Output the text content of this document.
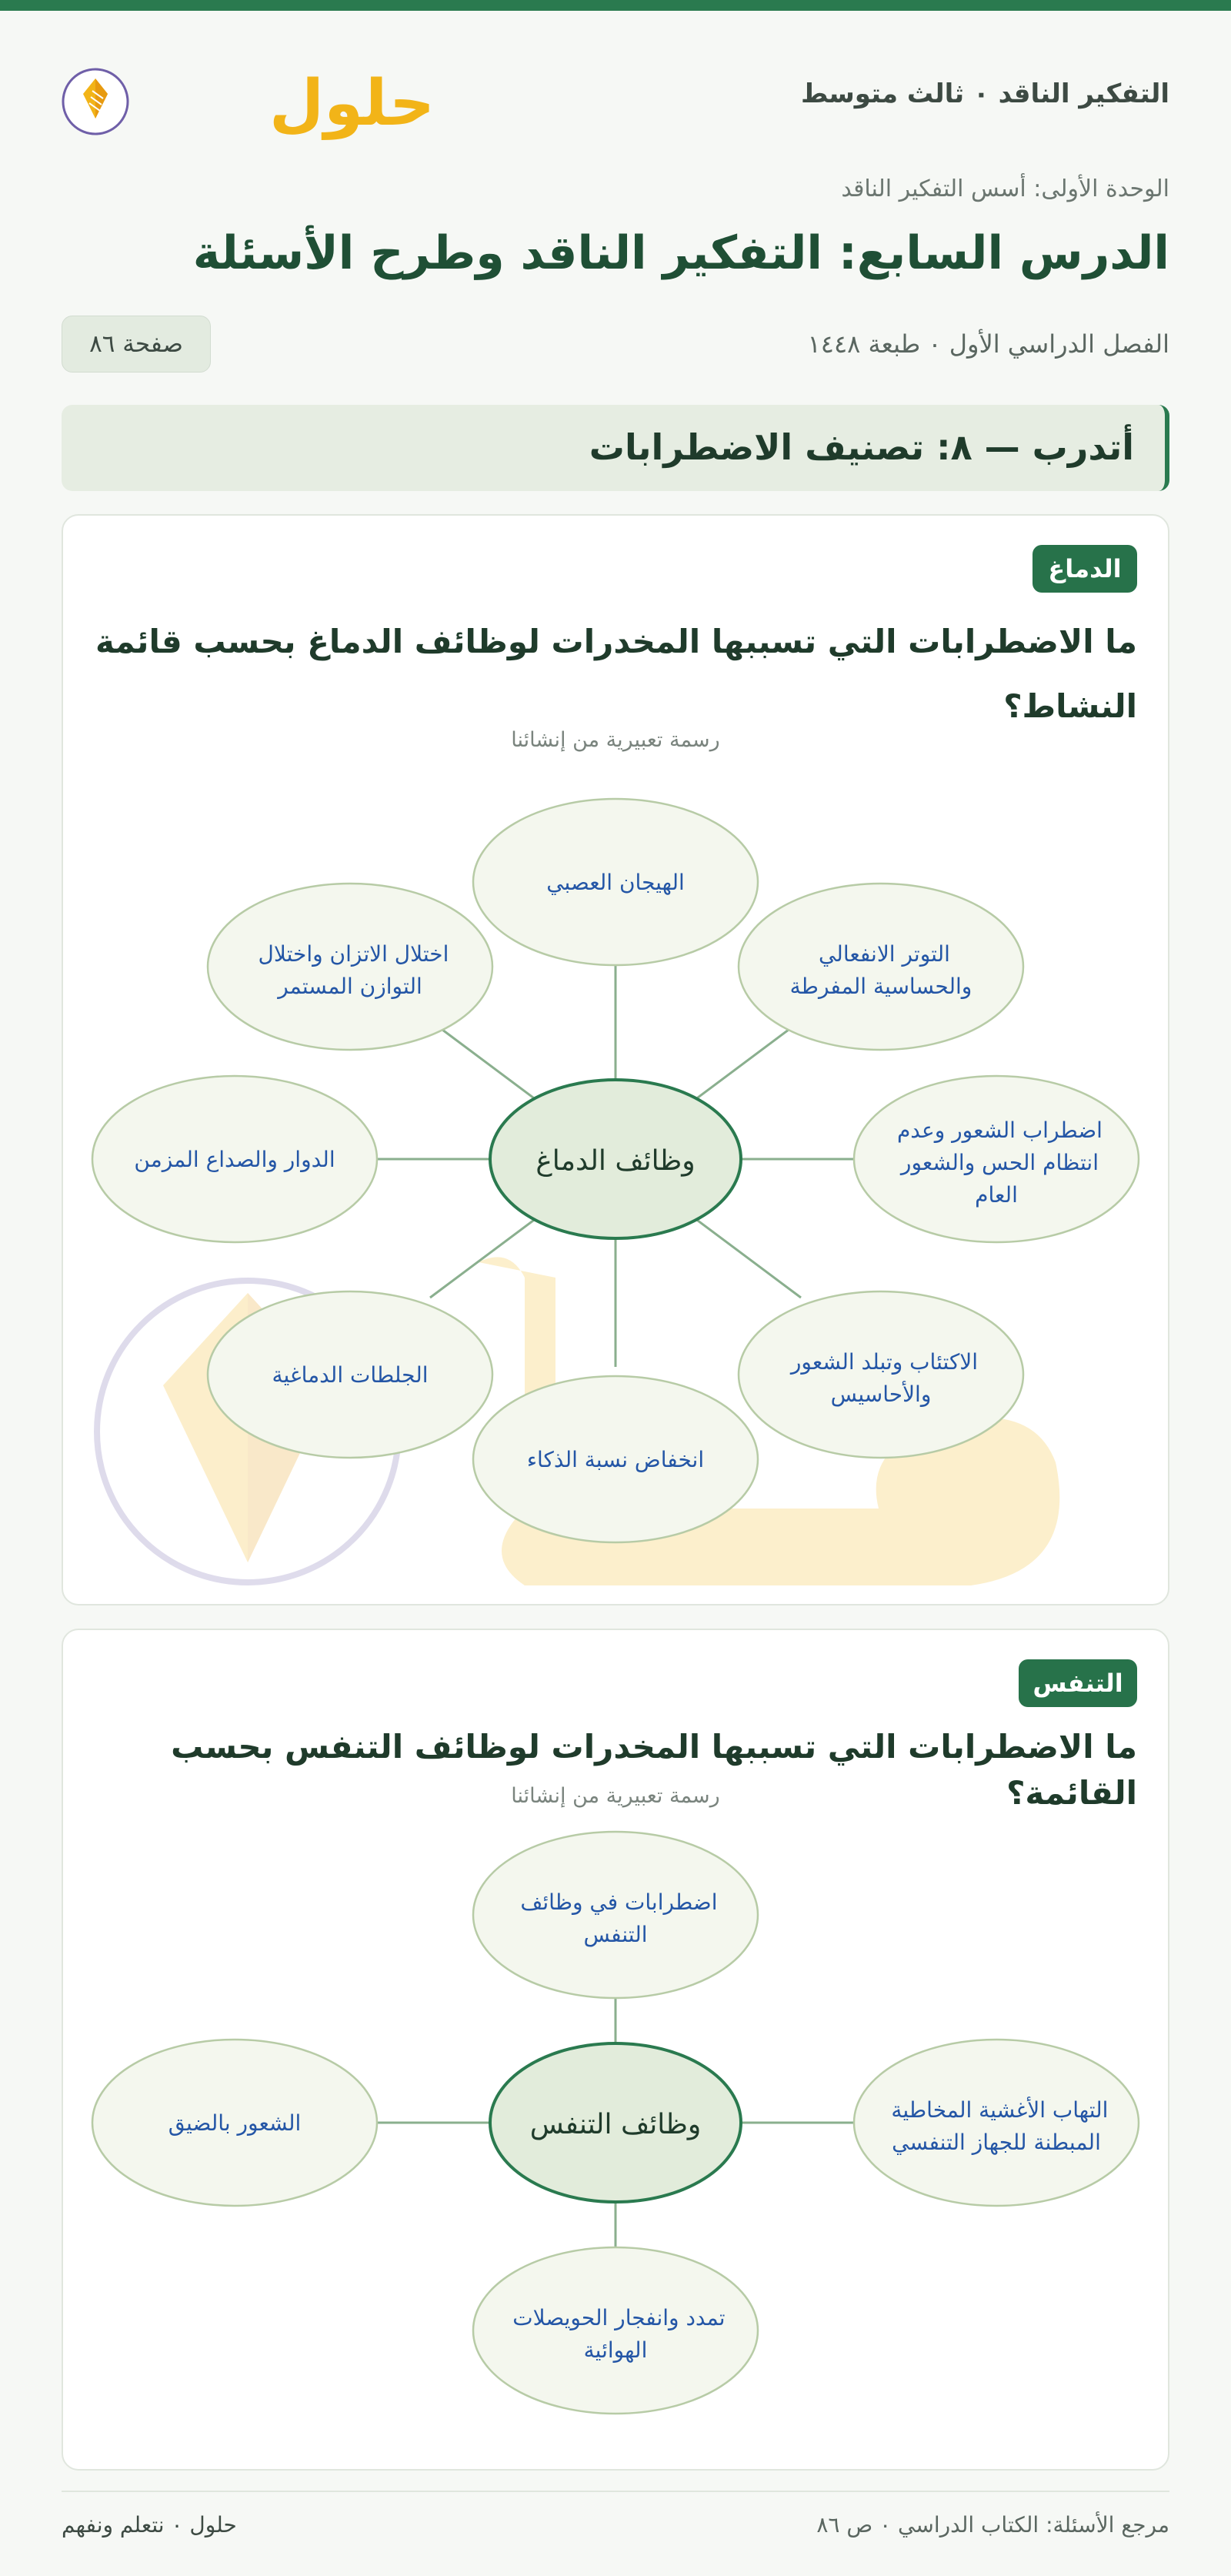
التفكير الناقد ٠ ثالث متوسط
حلول
الوحدة الأولى: أسس التفكير الناقد
الدرس السابع: التفكير الناقد وطرح الأسئلة
الفصل الدراسي الأول ٠ طبعة ١٤٤٨
صفحة ٨٦
أتدرب — ٨: تصنيف الاضطرابات
الدماغ
ما الاضطرابات التي تسببها المخدرات لوظائف الدماغ بحسب قائمة النشاط؟
رسمة تعبيرية من إنشائنا
وظائف الدماغ
الهيجان العصبي
التوتر الانفعالي والحساسية المفرطة
اضطراب الشعور وعدم انتظام الحس والشعور العام
الاكتئاب وتبلد الشعور والأحاسيس
انخفاض نسبة الذكاء
الجلطات الدماغية
الدوار والصداع المزمن
اختلال الاتزان واختلال التوازن المستمر
التنفس
ما الاضطرابات التي تسببها المخدرات لوظائف التنفس بحسب القائمة؟
رسمة تعبيرية من إنشائنا
وظائف التنفس
اضطرابات في وظائف التنفس
التهاب الأغشية المخاطية المبطنة للجهاز التنفسي
تمدد وانفجار الحويصلات الهوائية
الشعور بالضيق
مرجع الأسئلة: الكتاب الدراسي ٠ ص ٨٦
حلول ٠ نتعلم ونفهم
